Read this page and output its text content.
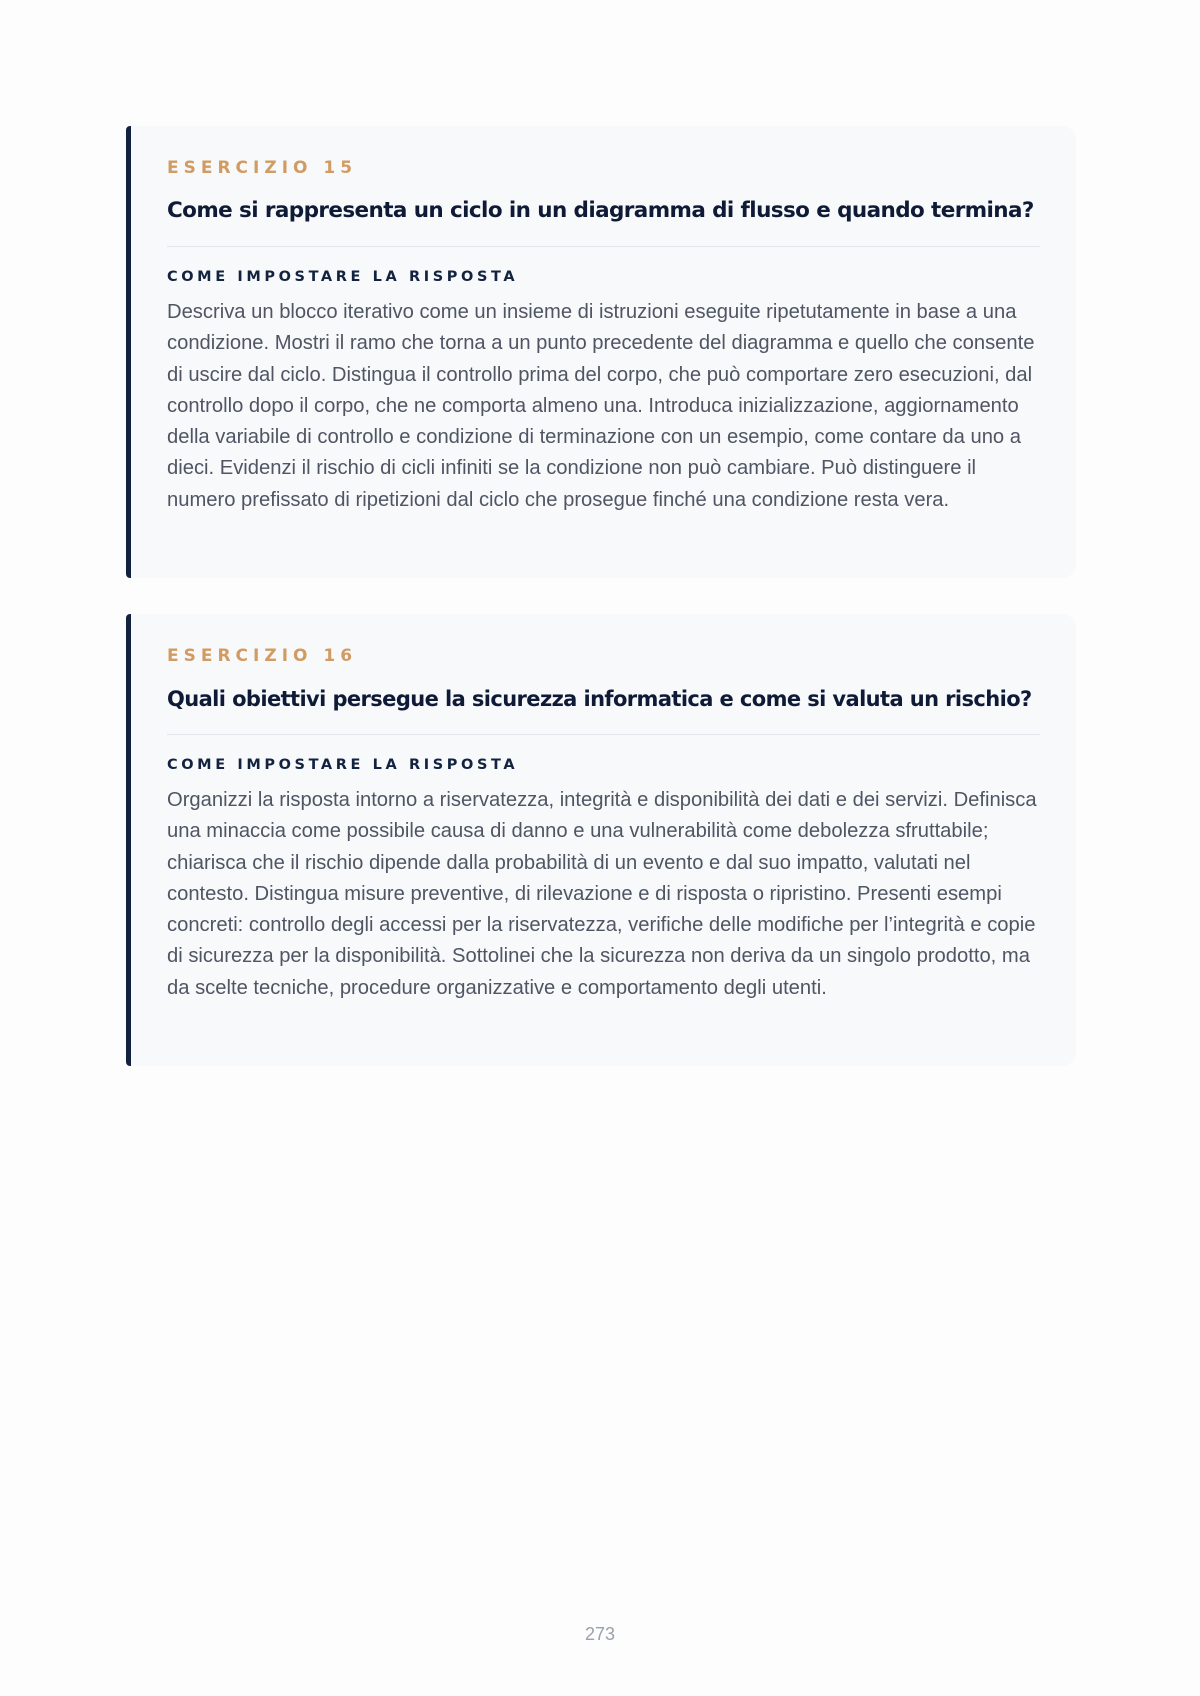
ESERCIZIO 15
Come si rappresenta un ciclo in un diagramma di flusso e quando termina?
COME IMPOSTARE LA RISPOSTA

Descriva un blocco iterativo come un insieme di istruzioni eseguite ripetutamente in base a una condizione. Mostri il ramo che torna a un punto precedente del diagramma e quello che consente di uscire dal ciclo. Distingua il controllo prima del corpo, che può comportare zero esecuzioni, dal controllo dopo il corpo, che ne comporta almeno una. Introduca inizializzazione, aggiornamento della variabile di controllo e condizione di terminazione con un esempio, come contare da uno a dieci. Evidenzi il rischio di cicli infiniti se la condizione non può cambiare. Può distinguere il numero prefissato di ripetizioni dal ciclo che prosegue finché una condizione resta vera.

ESERCIZIO 16
Quali obiettivi persegue la sicurezza informatica e come si valuta un rischio?
COME IMPOSTARE LA RISPOSTA

Organizzi la risposta intorno a riservatezza, integrità e disponibilità dei dati e dei servizi. Definisca una minaccia come possibile causa di danno e una vulnerabilità come debolezza sfruttabile; chiarisca che il rischio dipende dalla probabilità di un evento e dal suo impatto, valutati nel contesto. Distingua misure preventive, di rilevazione e di risposta o ripristino. Presenti esempi concreti: controllo degli accessi per la riservatezza, verifiche delle modifiche per l’integrità e copie di sicurezza per la disponibilità. Sottolinei che la sicurezza non deriva da un singolo prodotto, ma da scelte tecniche, procedure organizzative e comportamento degli utenti.

273
